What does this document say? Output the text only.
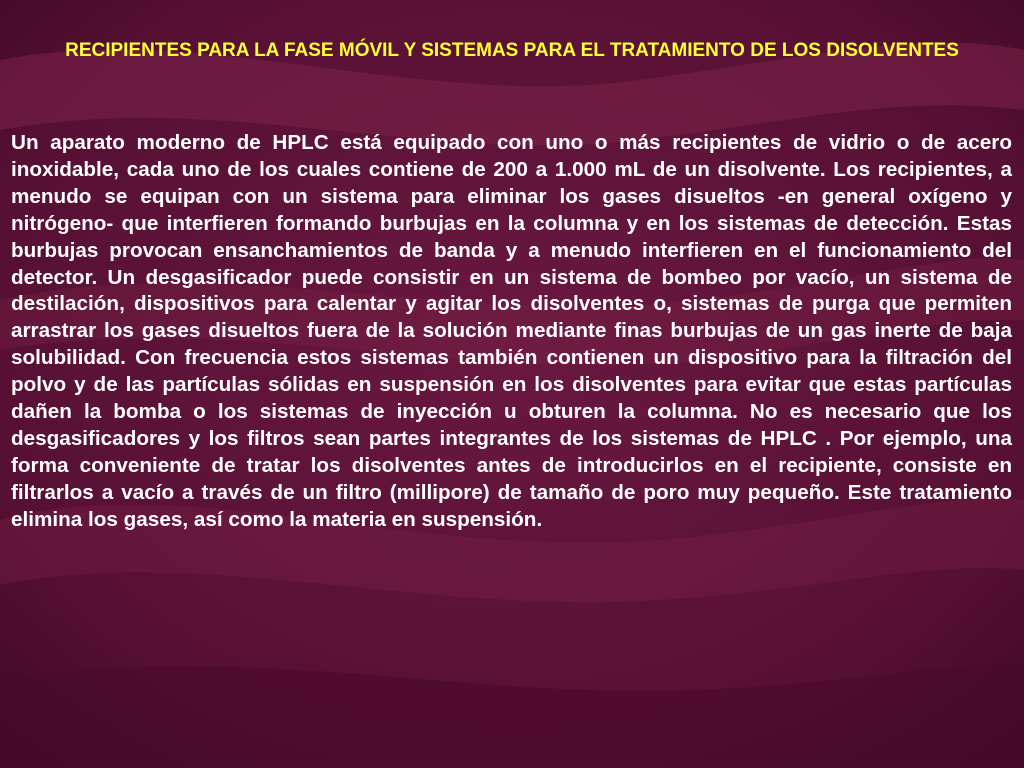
RECIPIENTES PARA LA FASE MÓVIL Y SISTEMAS PARA EL TRATAMIENTO DE LOS DISOLVENTES

Un aparato moderno de HPLC está equipado con uno o más recipientes de vidrio o de acero inoxidable, cada uno de los cuales contiene de 200 a 1.000 mL de un disolvente. Los recipientes, a menudo se equipan con un sistema para eliminar los gases disueltos -en general oxígeno y nitrógeno- que interfieren formando burbujas en la columna y en los sistemas de detección. Estas burbujas provocan ensanchamientos de banda y a menudo interfieren en el funcionamiento del detector. Un desgasificador puede consistir en un sistema de bombeo por vacío, un sistema de destilación, dispositivos para calentar y agitar los disolventes o, sistemas de purga que permiten arrastrar los gases disueltos fuera de la solución mediante finas burbujas de un gas inerte de baja solubilidad. Con frecuencia estos sistemas también contienen un dispositivo para la filtración del polvo y de las partículas sólidas en suspensión en los disolventes para evitar que estas partículas dañen la bomba o los sistemas de inyección u obturen la columna. No es necesario que los desgasificadores y los filtros sean partes integrantes de los sistemas de HPLC . Por ejemplo, una forma conveniente de tratar los disolventes antes de introducirlos en el recipiente, consiste en filtrarlos a vacío a través de un filtro (millipore) de tamaño de poro muy pequeño. Este tratamiento elimina los gases, así como la materia en suspensión.
